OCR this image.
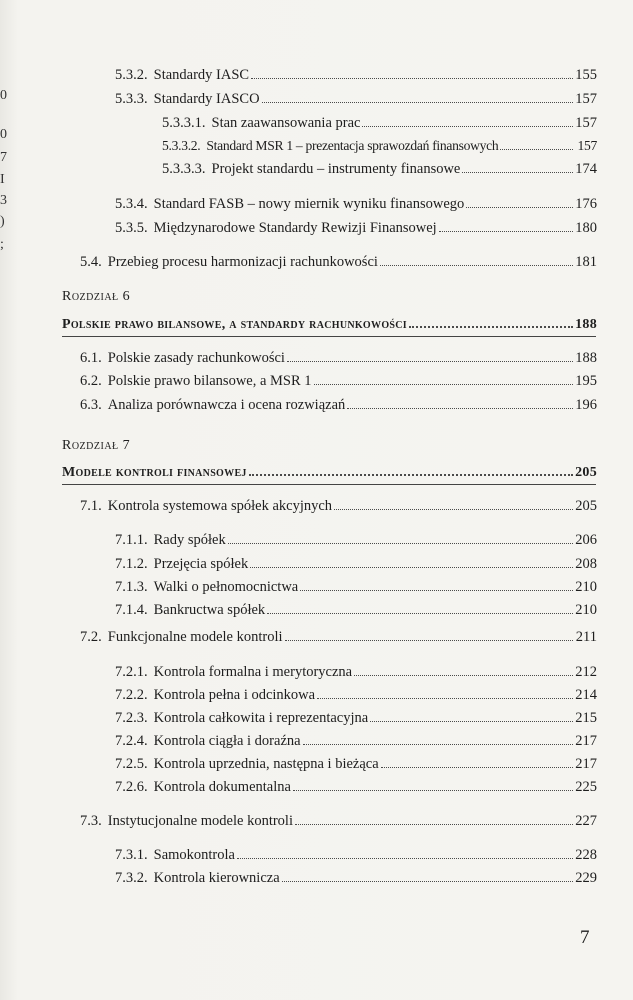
· · ·
0
0
7
I
3
)
;
5.3.2. Standardy IASC	155
5.3.3. Standardy IASCO	157
5.3.3.1. Stan zaawansowania prac	157
5.3.3.2. Standard MSR 1 – prezentacja sprawozdań finansowych	157
5.3.3.3. Projekt standardu – instrumenty finansowe	174
5.3.4. Standard FASB – nowy miernik wyniku finansowego	176
5.3.5. Międzynarodowe Standardy Rewizji Finansowej	180
5.4. Przebieg procesu harmonizacji rachunkowości	181
Rozdział 6
Polskie prawo bilansowe, a standardy rachunkowości	188
6.1. Polskie zasady rachunkowości	188
6.2. Polskie prawo bilansowe, a MSR 1	195
6.3. Analiza porównawcza i ocena rozwiązań	196
Rozdział 7
Modele kontroli finansowej	205
7.1. Kontrola systemowa spółek akcyjnych	205
7.1.1. Rady spółek	206
7.1.2. Przejęcia spółek	208
7.1.3. Walki o pełnomocnictwa	210
7.1.4. Bankructwa spółek	210
7.2. Funkcjonalne modele kontroli	211
7.2.1. Kontrola formalna i merytoryczna	212
7.2.2. Kontrola pełna i odcinkowa	214
7.2.3. Kontrola całkowita i reprezentacyjna	215
7.2.4. Kontrola ciągła i doraźna	217
7.2.5. Kontrola uprzednia, następna i bieżąca	217
7.2.6. Kontrola dokumentalna	225
7.3. Instytucjonalne modele kontroli	227
7.3.1. Samokontrola	228
7.3.2. Kontrola kierownicza	229
7
